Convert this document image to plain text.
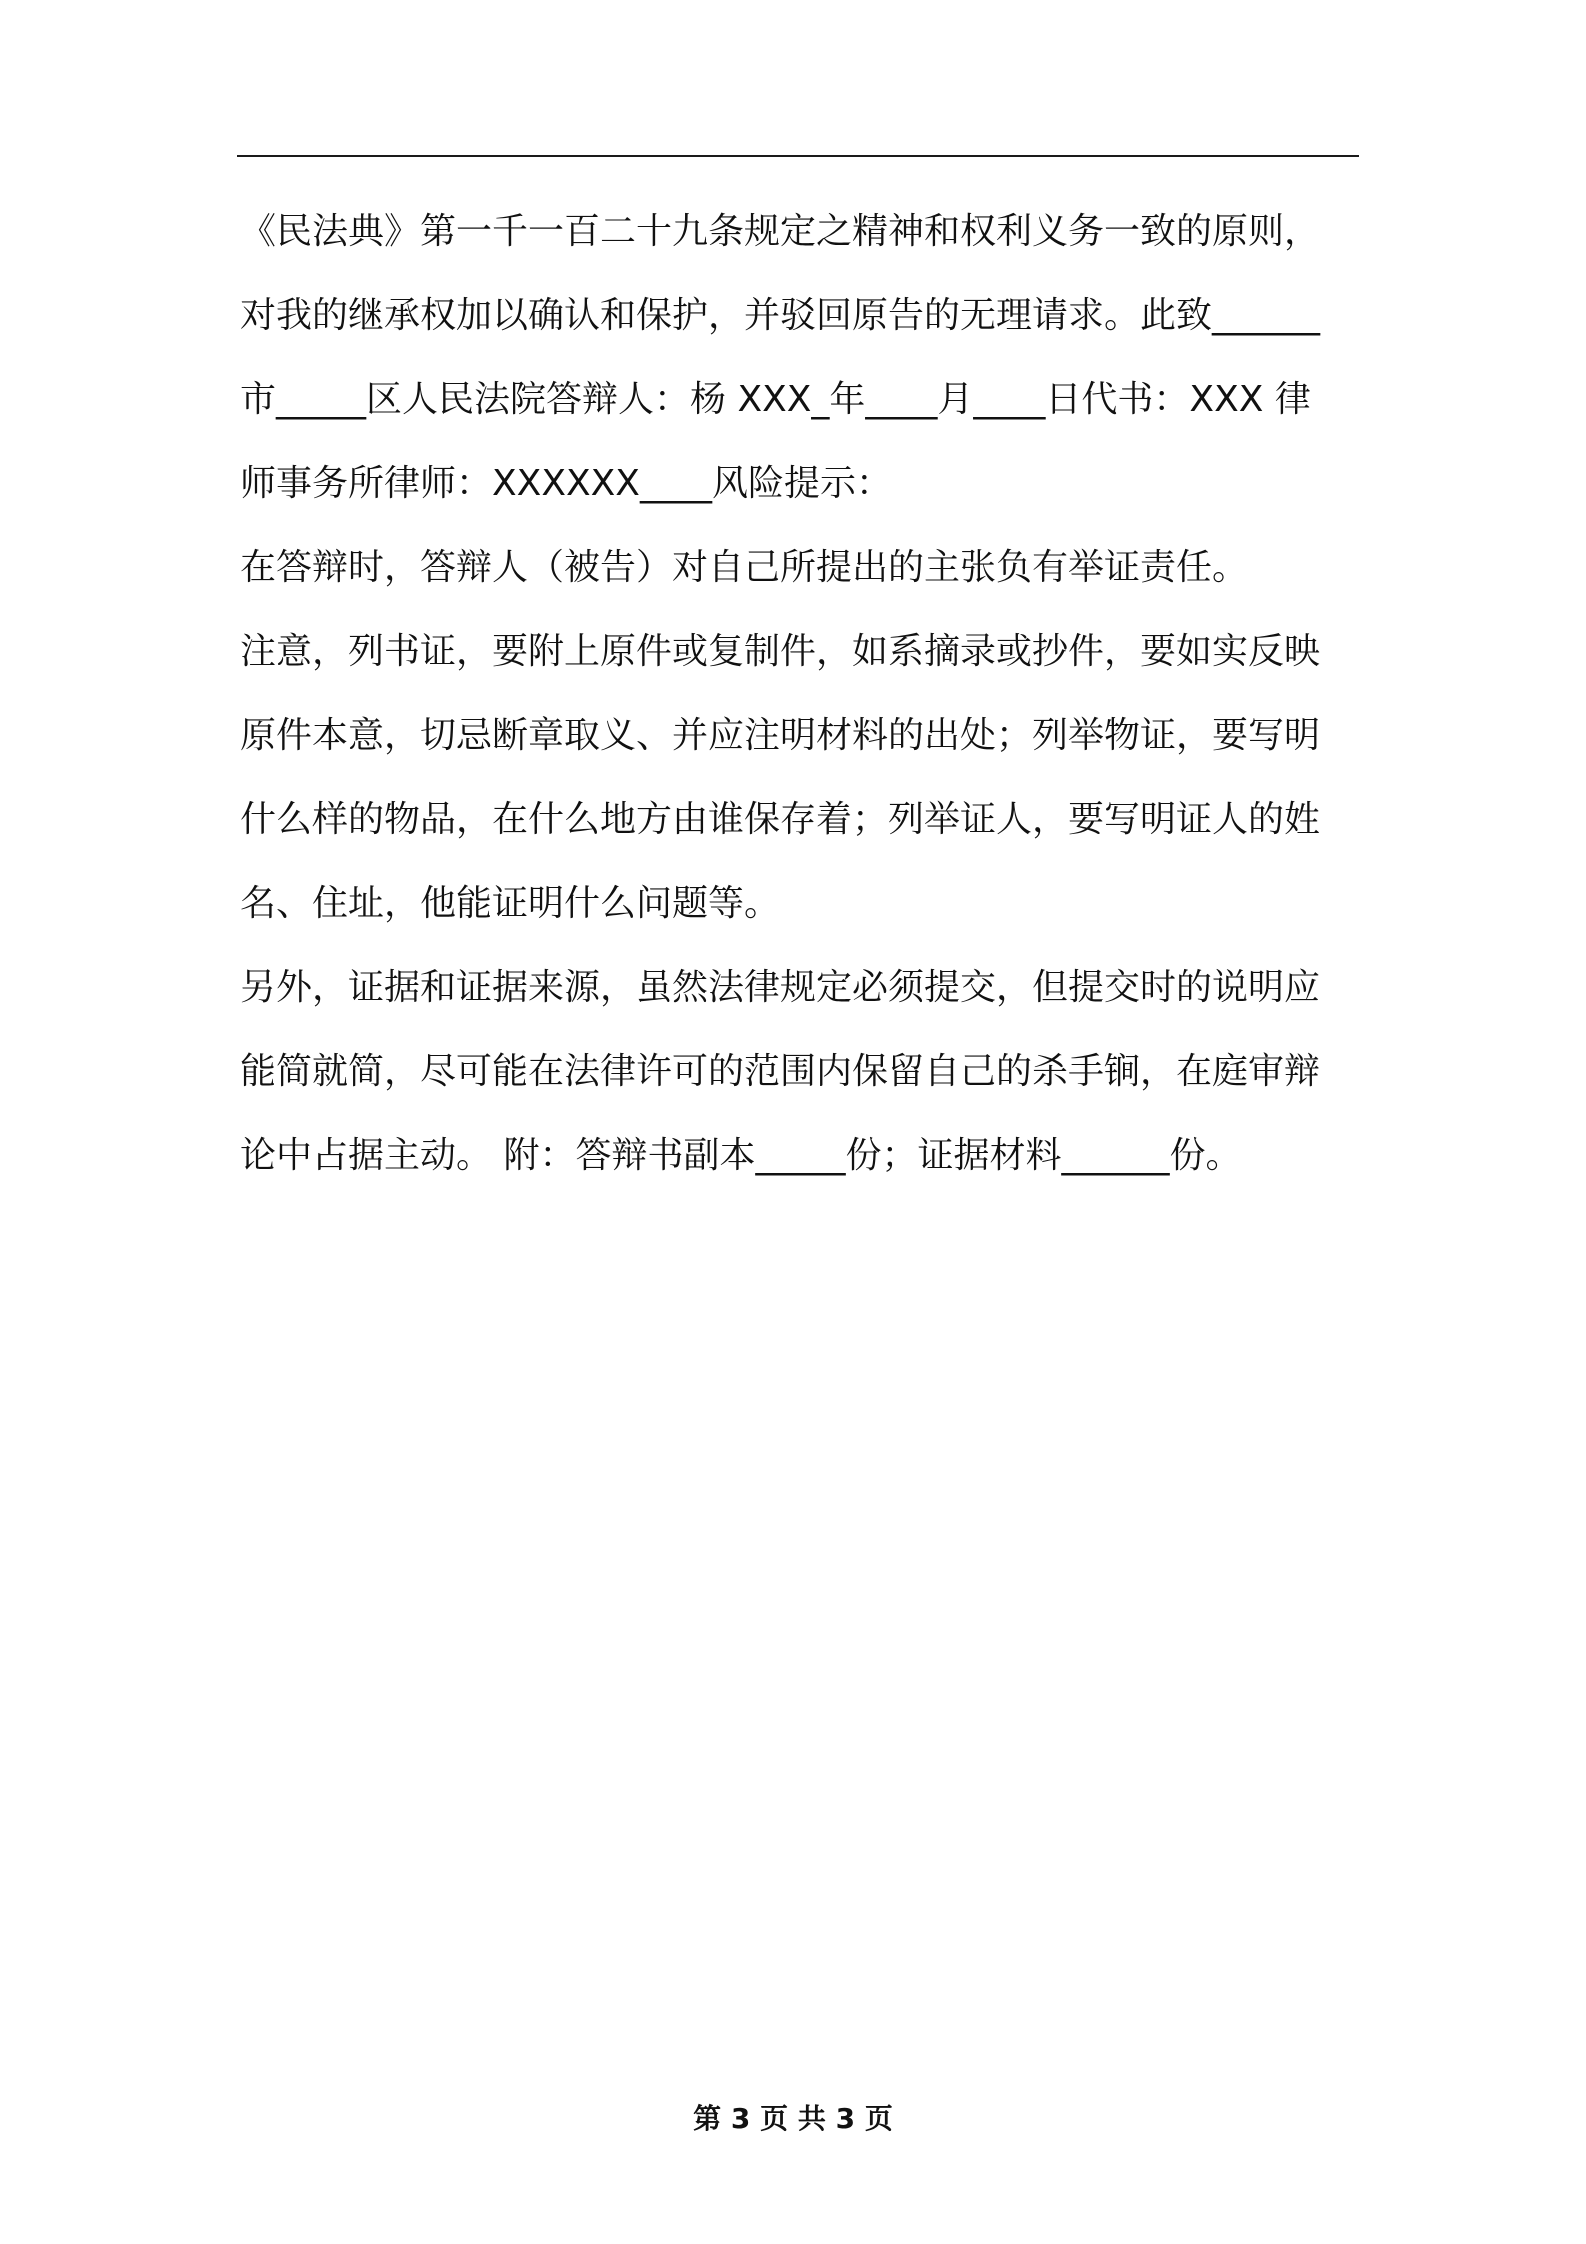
《民法典》第一千一百二十九条规定之精神和权利义务一致的原则，
对我的继承权加以确认和保护，并驳回原告的无理请求。此致______
市_____区人民法院答辩人：杨 XXX_年____月____日代书：XXX 律
师事务所律师：XXXXXX____风险提示：
在答辩时，答辩人（被告）对自己所提出的主张负有举证责任。
注意，列书证，要附上原件或复制件，如系摘录或抄件，要如实反映
原件本意，切忌断章取义、并应注明材料的出处；列举物证，要写明
什么样的物品，在什么地方由谁保存着；列举证人，要写明证人的姓
名、住址，他能证明什么问题等。
另外，证据和证据来源，虽然法律规定必须提交，但提交时的说明应
能简就简，尽可能在法律许可的范围内保留自己的杀手锏，在庭审辩
论中占据主动。 附：答辩书副本_____份；证据材料______份。
第 3 页 共 3 页
